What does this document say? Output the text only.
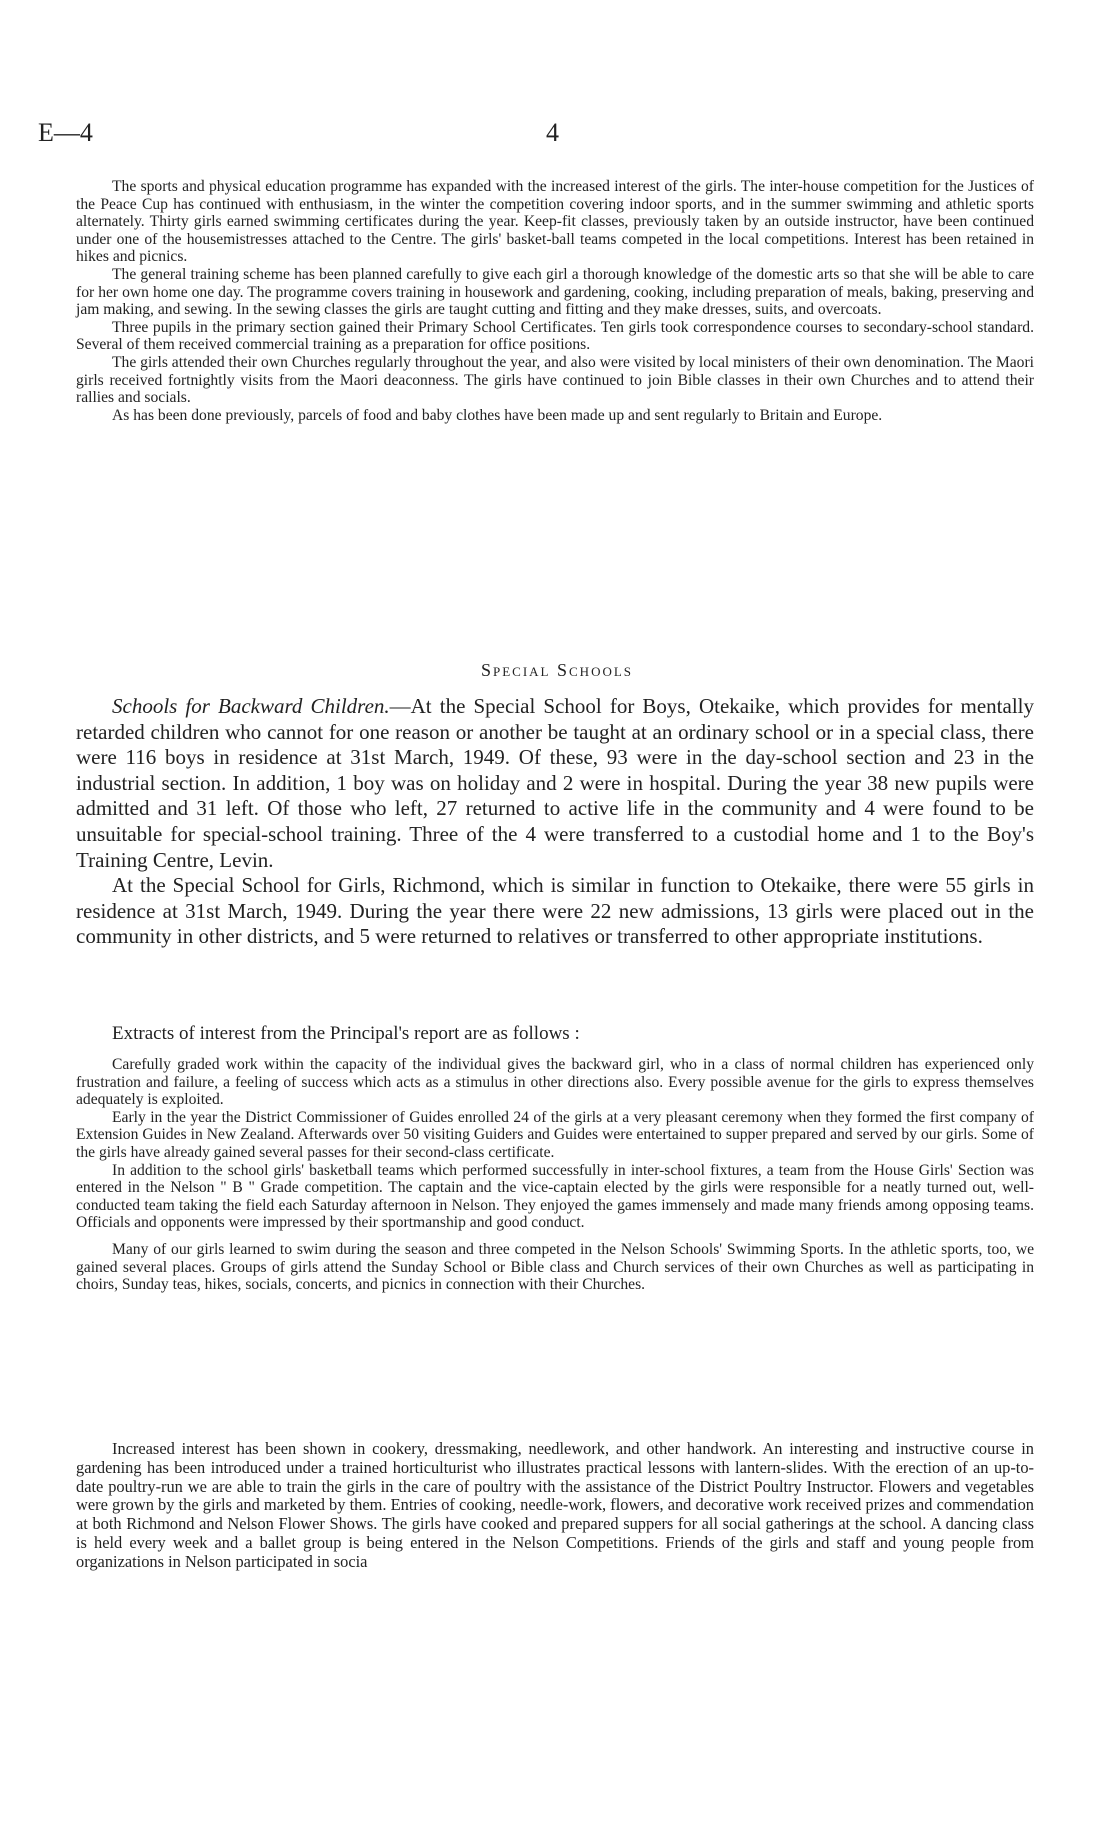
E—4	4

The sports and physical education programme has expanded with the increased interest of the girls. The inter-house competition for the Justices of the Peace Cup has continued with enthusiasm, in the winter the competition covering indoor sports, and in the summer swimming and athletic sports alternately. Thirty girls earned swimming certificates during the year. Keep-fit classes, previously taken by an outside instructor, have been continued under one of the housemistresses attached to the Centre. The girls' basket-ball teams competed in the local competitions. Interest has been retained in hikes and picnics.

The general training scheme has been planned carefully to give each girl a thorough knowledge of the domestic arts so that she will be able to care for her own home one day. The programme covers training in housework and gardening, cooking, including preparation of meals, baking, preserving and jam making, and sewing. In the sewing classes the girls are taught cutting and fitting and they make dresses, suits, and overcoats.

Three pupils in the primary section gained their Primary School Certificates. Ten girls took correspondence courses to secondary-school standard. Several of them received commercial training as a preparation for office positions.

The girls attended their own Churches regularly throughout the year, and also were visited by local ministers of their own denomination. The Maori girls received fortnightly visits from the Maori deaconness. The girls have continued to join Bible classes in their own Churches and to attend their rallies and socials.

As has been done previously, parcels of food and baby clothes have been made up and sent regularly to Britain and Europe.

Special Schools

Schools for Backward Children.—At the Special School for Boys, Otekaike, which provides for mentally retarded children who cannot for one reason or another be taught at an ordinary school or in a special class, there were 116 boys in residence at 31st March, 1949. Of these, 93 were in the day-school section and 23 in the industrial section. In addition, 1 boy was on holiday and 2 were in hospital. During the year 38 new pupils were admitted and 31 left. Of those who left, 27 returned to active life in the community and 4 were found to be unsuitable for special-school training. Three of the 4 were transferred to a custodial home and 1 to the Boy's Training Centre, Levin.

At the Special School for Girls, Richmond, which is similar in function to Otekaike, there were 55 girls in residence at 31st March, 1949. During the year there were 22 new admissions, 13 girls were placed out in the community in other districts, and 5 were returned to relatives or transferred to other appropriate institutions.

Extracts of interest from the Principal's report are as follows :

Carefully graded work within the capacity of the individual gives the backward girl, who in a class of normal children has experienced only frustration and failure, a feeling of success which acts as a stimulus in other directions also. Every possible avenue for the girls to express themselves adequately is exploited.

Early in the year the District Commissioner of Guides enrolled 24 of the girls at a very pleasant ceremony when they formed the first company of Extension Guides in New Zealand. Afterwards over 50 visiting Guiders and Guides were entertained to supper prepared and served by our girls. Some of the girls have already gained several passes for their second-class certificate.

In addition to the school girls' basketball teams which performed successfully in inter-school fixtures, a team from the House Girls' Section was entered in the Nelson " B " Grade competition. The captain and the vice-captain elected by the girls were responsible for a neatly turned out, well-conducted team taking the field each Saturday afternoon in Nelson. They enjoyed the games immensely and made many friends among opposing teams. Officials and opponents were impressed by their sportmanship and good conduct.

Many of our girls learned to swim during the season and three competed in the Nelson Schools' Swimming Sports. In the athletic sports, too, we gained several places. Groups of girls attend the Sunday School or Bible class and Church services of their own Churches as well as participating in choirs, Sunday teas, hikes, socials, concerts, and picnics in connection with their Churches.

Increased interest has been shown in cookery, dressmaking, needlework, and other handwork. An interesting and instructive course in gardening has been introduced under a trained horticulturist who illustrates practical lessons with lantern-slides. With the erection of an up-to-date poultry-run we are able to train the girls in the care of poultry with the assistance of the District Poultry Instructor. Flowers and vegetables were grown by the girls and marketed by them. Entries of cooking, needle-work, flowers, and decorative work received prizes and commendation at both Richmond and Nelson Flower Shows. The girls have cooked and prepared suppers for all social gatherings at the school. A dancing class is held every week and a ballet group is being entered in the Nelson Competitions. Friends of the girls and staff and young people from organizations in Nelson participated in socia
